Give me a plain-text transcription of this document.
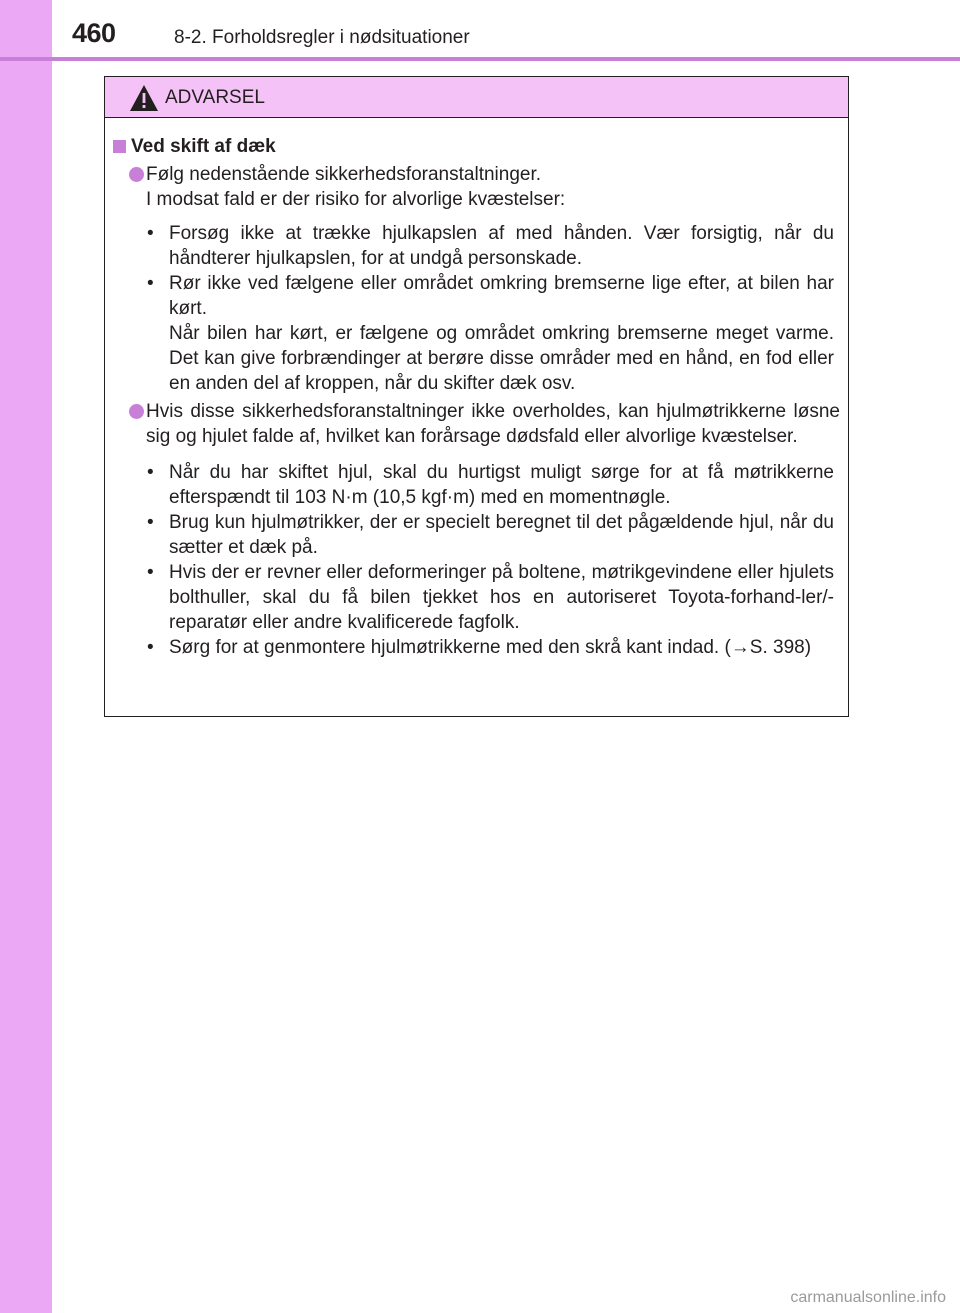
460	8-2. Forholdsregler i nødsituationer
ADVARSEL
Ved skift af dæk

Følg nedenstående sikkerhedsforanstaltninger.

I modsat fald er der risiko for alvorlige kvæstelser:

• Forsøg ikke at trække hjulkapslen af med hånden. Vær forsigtig, når du håndterer hjulkapslen, for at undgå personskade.

• Rør ikke ved fælgene eller området omkring bremserne lige efter, at bilen har kørt.

Når bilen har kørt, er fælgene og området omkring bremserne meget varme. Det kan give forbrændinger at berøre disse områder med en hånd, en fod eller en anden del af kroppen, når du skifter dæk osv.

Hvis disse sikkerhedsforanstaltninger ikke overholdes, kan hjulmøtrikkerne løsne sig og hjulet falde af, hvilket kan forårsage dødsfald eller alvorlige kvæstelser.

• Når du har skiftet hjul, skal du hurtigst muligt sørge for at få møtrikkerne efterspændt til 103 N·m (10,5 kgf·m) med en momentnøgle.

• Brug kun hjulmøtrikker, der er specielt beregnet til det pågældende hjul, når du sætter et dæk på.

• Hvis der er revner eller deformeringer på boltene, møtrikgevindene eller hjulets bolthuller, skal du få bilen tjekket hos en autoriseret Toyota-forhand-ler/-reparatør eller andre kvalificerede fagfolk.

• Sørg for at genmontere hjulmøtrikkerne med den skrå kant indad. (→S. 398)

carmanualsonline.info
